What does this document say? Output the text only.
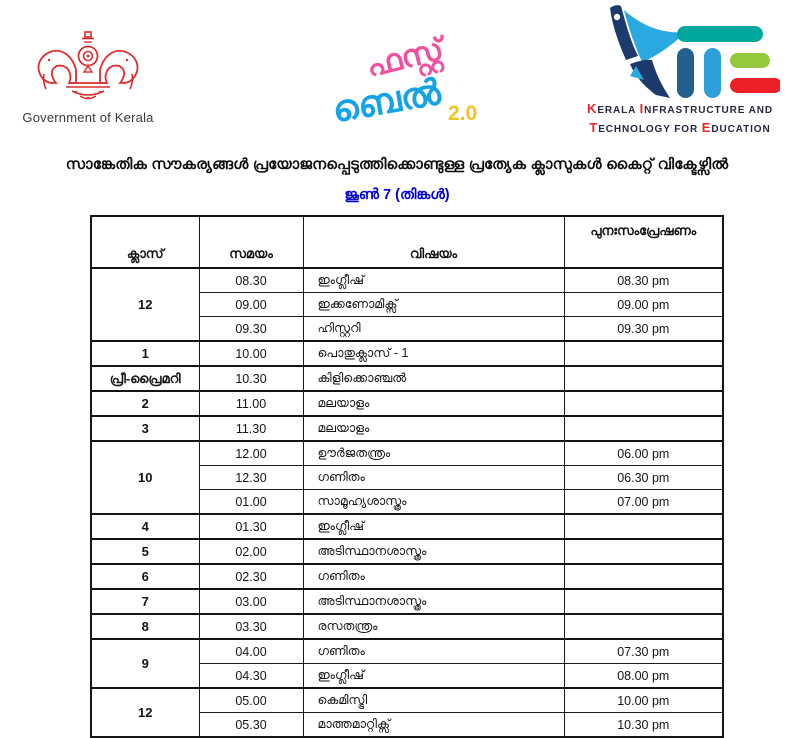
Government of Kerala
ഫസ്റ്റ്
ബെൽ 2.0	KERALA INFRASTRUCTURE AND
TECHNOLOGY FOR EDUCATION
സാങ്കേതിക സൗകര്യങ്ങൾ പ്രയോജനപ്പെടുത്തിക്കൊണ്ടുള്ള പ്രത്യേക ക്ലാസുകൾ കൈറ്റ് വിക്ടേഴ്സിൽ
ജൂൺ 7 (തിങ്കൾ)
ക്ലാസ്	സമയം	വിഷയം	പുനഃസംപ്രേഷണം
12	08.30	ഇംഗ്ലീഷ്	08.30 pm
	09.00	ഇക്കണോമിക്സ്	09.00 pm
	09.30	ഹിസ്റ്ററി	09.30 pm
1	10.00	പൊതുക്ലാസ് - 1	
പ്രീ-പ്രൈമറി	10.30	കിളിക്കൊഞ്ചൽ	
2	11.00	മലയാളം	
3	11.30	മലയാളം	
10	12.00	ഊർജതന്ത്രം	06.00 pm
	12.30	ഗണിതം	06.30 pm
	01.00	സാമൂഹ്യശാസ്ത്രം	07.00 pm
4	01.30	ഇംഗ്ലീഷ്	
5	02.00	അടിസ്ഥാനശാസ്ത്രം	
6	02.30	ഗണിതം	
7	03.00	അടിസ്ഥാനശാസ്ത്രം	
8	03.30	രസതന്ത്രം	
9	04.00	ഗണിതം	07.30 pm
	04.30	ഇംഗ്ലീഷ്	08.00 pm
12	05.00	കെമിസ്ട്രി	10.00 pm
	05.30	മാത്തമാറ്റിക്സ്	10.30 pm
